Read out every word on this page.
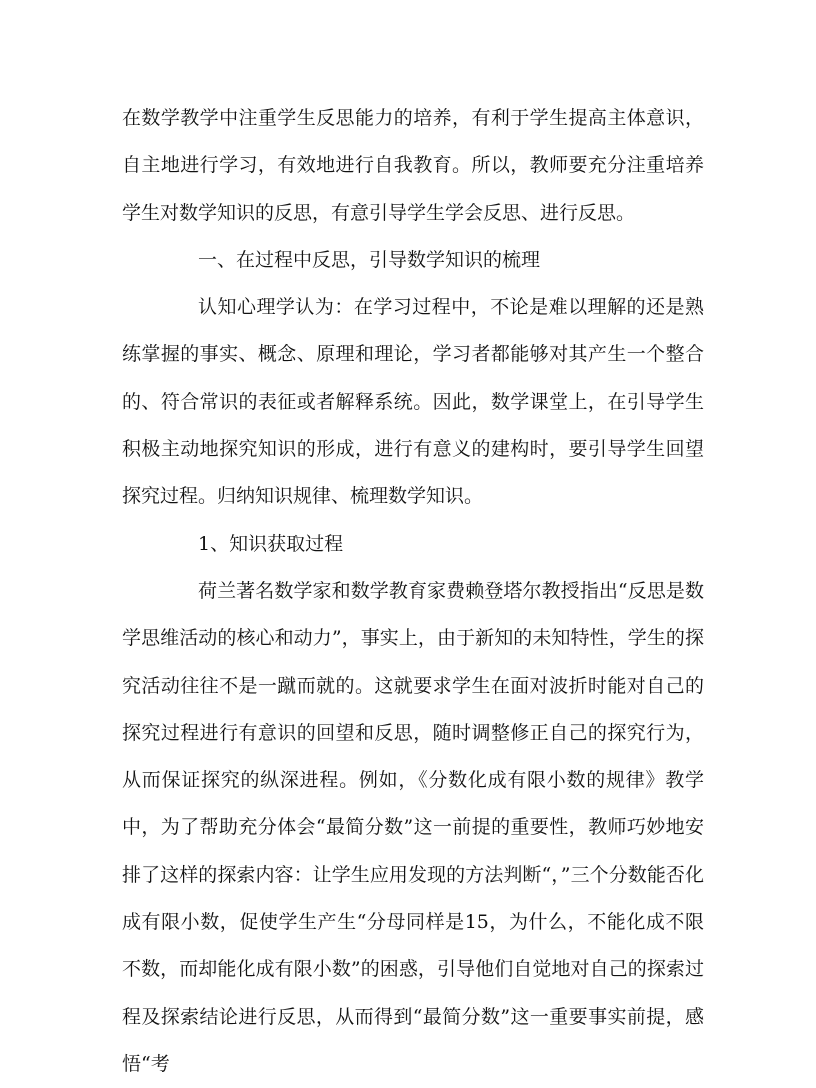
在数学教学中注重学生反思能力的培养，有利于学生提高主体意识，自主地进行学习，有效地进行自我教育。所以，教师要充分注重培养学生对数学知识的反思，有意引导学生学会反思、进行反思。

一、在过程中反思，引导数学知识的梳理

认知心理学认为：在学习过程中，不论是难以理解的还是熟练掌握的事实、概念、原理和理论，学习者都能够对其产生一个整合的、符合常识的表征或者解释系统。因此，数学课堂上，在引导学生积极主动地探究知识的形成，进行有意义的建构时，要引导学生回望探究过程。归纳知识规律、梳理数学知识。

1、知识获取过程

荷兰著名数学家和数学教育家费赖登塔尔教授指出“反思是数学思维活动的核心和动力”，事实上，由于新知的未知特性，学生的探究活动往往不是一蹴而就的。这就要求学生在面对波折时能对自己的探究过程进行有意识的回望和反思，随时调整修正自己的探究行为，从而保证探究的纵深进程。例如，《分数化成有限小数的规律》教学中，为了帮助充分体会“最简分数”这一前提的重要性，教师巧妙地安排了这样的探索内容：让学生应用发现的方法判断“，”三个分数能否化成有限小数，促使学生产生“分母同样是15，为什么，不能化成不限不数，而却能化成有限小数”的困惑，引导他们自觉地对自己的探索过程及探索结论进行反思，从而得到“最简分数”这一重要事实前提，感悟“考
